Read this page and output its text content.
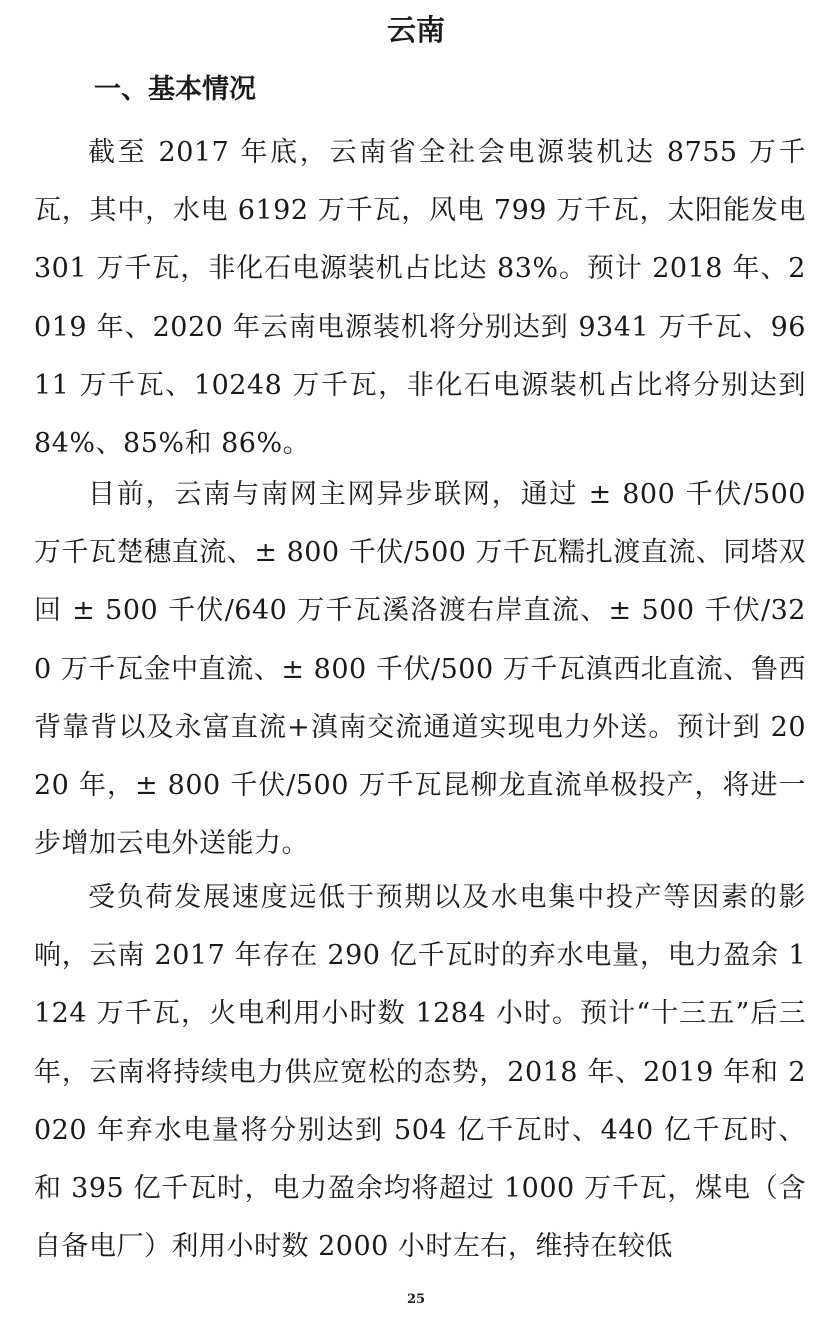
云南
一、基本情况

截至 2017 年底，云南省全社会电源装机达 8755 万千瓦，其中，水电 6192 万千瓦，风电 799 万千瓦，太阳能发电 301 万千瓦，非化石电源装机占比达 83%。预计 2018 年、2019 年、2020 年云南电源装机将分别达到 9341 万千瓦、9611 万千瓦、10248 万千瓦，非化石电源装机占比将分别达到 84%、85%和 86%。

目前，云南与南网主网异步联网，通过 ± 800 千伏/500 万千瓦楚穗直流、± 800 千伏/500 万千瓦糯扎渡直流、同塔双回 ± 500 千伏/640 万千瓦溪洛渡右岸直流、± 500 千伏/320 万千瓦金中直流、± 800 千伏/500 万千瓦滇西北直流、鲁西背靠背以及永富直流+滇南交流通道实现电力外送。预计到 2020 年，± 800 千伏/500 万千瓦昆柳龙直流单极投产，将进一步增加云电外送能力。

受负荷发展速度远低于预期以及水电集中投产等因素的影响，云南 2017 年存在 290 亿千瓦时的弃水电量，电力盈余 1124 万千瓦，火电利用小时数 1284 小时。预计“十三五”后三年，云南将持续电力供应宽松的态势，2018 年、2019 年和 2020 年弃水电量将分别达到 504 亿千瓦时、440 亿千瓦时、和 395 亿千瓦时，电力盈余均将超过 1000 万千瓦，煤电（含自备电厂）利用小时数 2000 小时左右，维持在较低

25
